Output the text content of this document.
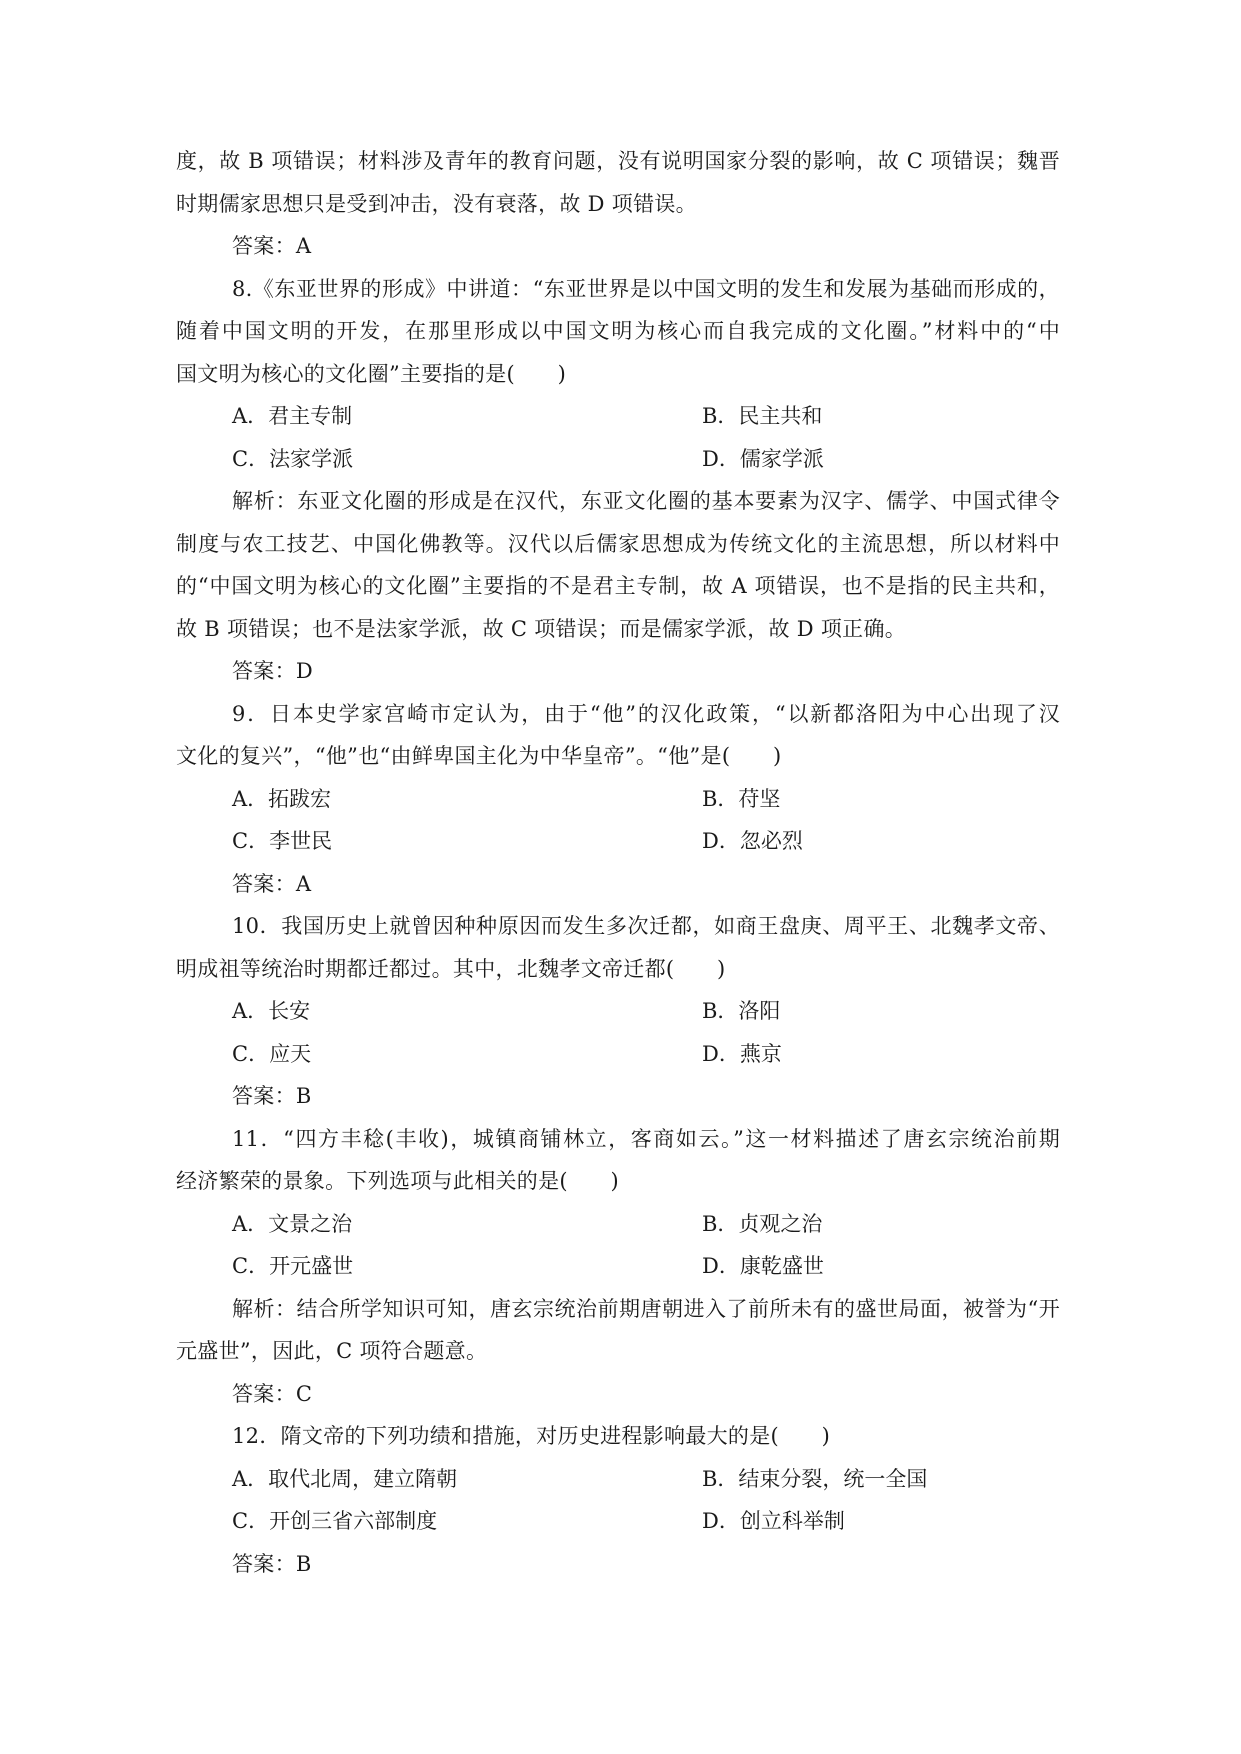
度，故 B 项错误；材料涉及青年的教育问题，没有说明国家分裂的影响，故 C 项错误；魏晋
时期儒家思想只是受到冲击，没有衰落，故 D 项错误。
答案：A
8.《东亚世界的形成》中讲道：“东亚世界是以中国文明的发生和发展为基础而形成的，
随着中国文明的开发，在那里形成以中国文明为核心而自我完成的文化圈。”材料中的“中
国文明为核心的文化圈”主要指的是(　　)
A．君主专制	B．民主共和
C．法家学派	D．儒家学派
解析：东亚文化圈的形成是在汉代，东亚文化圈的基本要素为汉字、儒学、中国式律令
制度与农工技艺、中国化佛教等。汉代以后儒家思想成为传统文化的主流思想，所以材料中
的“中国文明为核心的文化圈”主要指的不是君主专制，故 A 项错误，也不是指的民主共和，
故 B 项错误；也不是法家学派，故 C 项错误；而是儒家学派，故 D 项正确。
答案：D
9．日本史学家宫崎市定认为，由于“他”的汉化政策，“以新都洛阳为中心出现了汉
文化的复兴”，“他”也“由鲜卑国主化为中华皇帝”。“他”是(　　)
A．拓跋宏	B．苻坚
C．李世民	D．忽必烈
答案：A
10．我国历史上就曾因种种原因而发生多次迁都，如商王盘庚、周平王、北魏孝文帝、
明成祖等统治时期都迁都过。其中，北魏孝文帝迁都(　　)
A．长安	B．洛阳
C．应天	D．燕京
答案：B
11．“四方丰稔(丰收)，城镇商铺林立，客商如云。”这一材料描述了唐玄宗统治前期
经济繁荣的景象。下列选项与此相关的是(　　)
A．文景之治	B．贞观之治
C．开元盛世	D．康乾盛世
解析：结合所学知识可知，唐玄宗统治前期唐朝进入了前所未有的盛世局面，被誉为“开
元盛世”，因此，C 项符合题意。
答案：C
12．隋文帝的下列功绩和措施，对历史进程影响最大的是(　　)
A．取代北周，建立隋朝	B．结束分裂，统一全国
C．开创三省六部制度	D．创立科举制
答案：B
